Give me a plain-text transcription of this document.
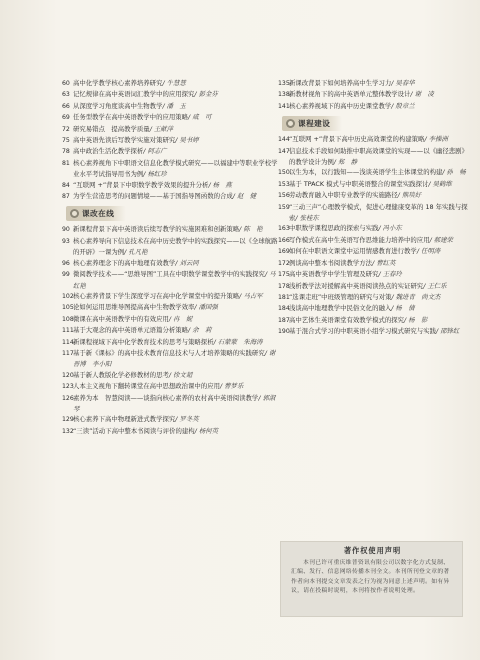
60 高中化学教学核心素养培养研究/ 牛慧慧
63 记忆规律在高中英语词汇教学中的应用探究/ 彭金芬
66 从深度学习角度谈高中生物教学/ 潘　玉
69 任务型教学在高中英语教学中的应用策略/ 咸　可
72 研究易错点　提高教学质量/ 王献萍
75 高中英语先读后写教学实施对策研究/ 吴书婷
78 高中政治生活化教学探析/ 阿志广
81 核心素养视角下中职语文信息化教学模式研究——以福建中等职业学校学业水平考试指导用书为例/ 杨红珍
84 “互联网 +”背景下中职数学教学效果的提升分析/ 杨　燕
87 为学生营造思考的问题情境——基于国指导图函数的合成/ 赵　健
课改在线
90 新课程背景下高中英语读后续写教学的实施困难和创新策略/ 陈　艳
93 核心素养导向下信息技术在高中历史教学中的实践探究——以《全球航路的开辟》一课为例/ 孔凡艳
96 核心素养理念下的高中地理有效教学/ 刘云同
99 微阅教学技术——“思维导图”工具在中职数学课堂教学中的实践探究/ 马红艳
102核心素养背景下学生深度学习在高中化学课堂中的提升策略/ 马占军
105论如何运用思维导图提高高中生物教学效率/ 潘国强
108微课在高中英语教学中的有效应用/ 冉　妮
111基于大观念的高中英语单元语篇分析策略/ 余　莉
114新课程视域下高中化学教育技术的思考与策略探析/ 石蒙蒙　朱海涛
117基于新《课标》的高中技术教育信息技术与人才培养策略的实践研究/ 谢晋博　李小阳
120基于新人教版化学必修教材的思考/ 徐文超
123人本主义视角下翻转课堂在高中思想政治课中的应用/ 曹梦乐
126素养为本　智慧阅读——谈指向核心素养的农村高中英语阅读教学/ 郭淑琴
129核心素养下高中物理新进式教学探究/ 罗冬英
132“三读”活动下高中整本书阅读与评价的建构/ 杨何英
135新课改背景下如何培养高中生学习力/ 吴春华
138新教材视角下的高中英语单元整体教学设计/ 谢　凌
141核心素养视域下的高中历史课堂教学/ 殷章兰
课程建设
144“互联网 +”背景下高中历史高效课堂的构建策略/ 李操洲
147信息技术手段如何助推中职高效课堂的实现——以《幽径悲剧》的教学设计为例/ 郑　静
150以生为本，以行践知——浅谈英语学生主体课堂的构建/ 孙　畅
153基于 TPACK 模式与中职英语整合的课堂实践探讨/ 吴鹤维
156劳动教育融入中职专业教学的实施路径/ 熊琰好
159“三动三声”心理教学模式，促进心理健康变革的 18 年实践与探索/ 张桂东
163中职数学课程思政的探索与实践/ 冯小东
166写作模式在高中生英语写作思维能力培养中的应用/ 郝建荣
169如何在中职语文课堂中运用情感教育进行教学/ 任明涛
172例谈高中整本书阅读教学方法/ 曹红英
175高中英语教学中学生管理及研究/ 王春玲
178浅析教学法对援解高中英语阅读热点的实证研究/ 王仁乐
181“选课走班”中班级管理的研究与对策/ 魏进青　尚文杰
184浅谈高中地理教学中民俗文化的融入/ 杨　倩
187高中艺体生英语课堂有效教学模式的探究/ 杨　影
190基于混合式学习的中职英语小组学习模式研究与实践/ 邵锋红
著作权使用声明
本刊已许可重庆维普资讯有限公司以数字化方式复制、汇编、发行、信息网络传播本刊全文。本刊所刊登文章的著作者向本刊提交文章发表之行为视为同意上述声明。如有异议，请在投稿时说明，本刊将按作者说明处理。
